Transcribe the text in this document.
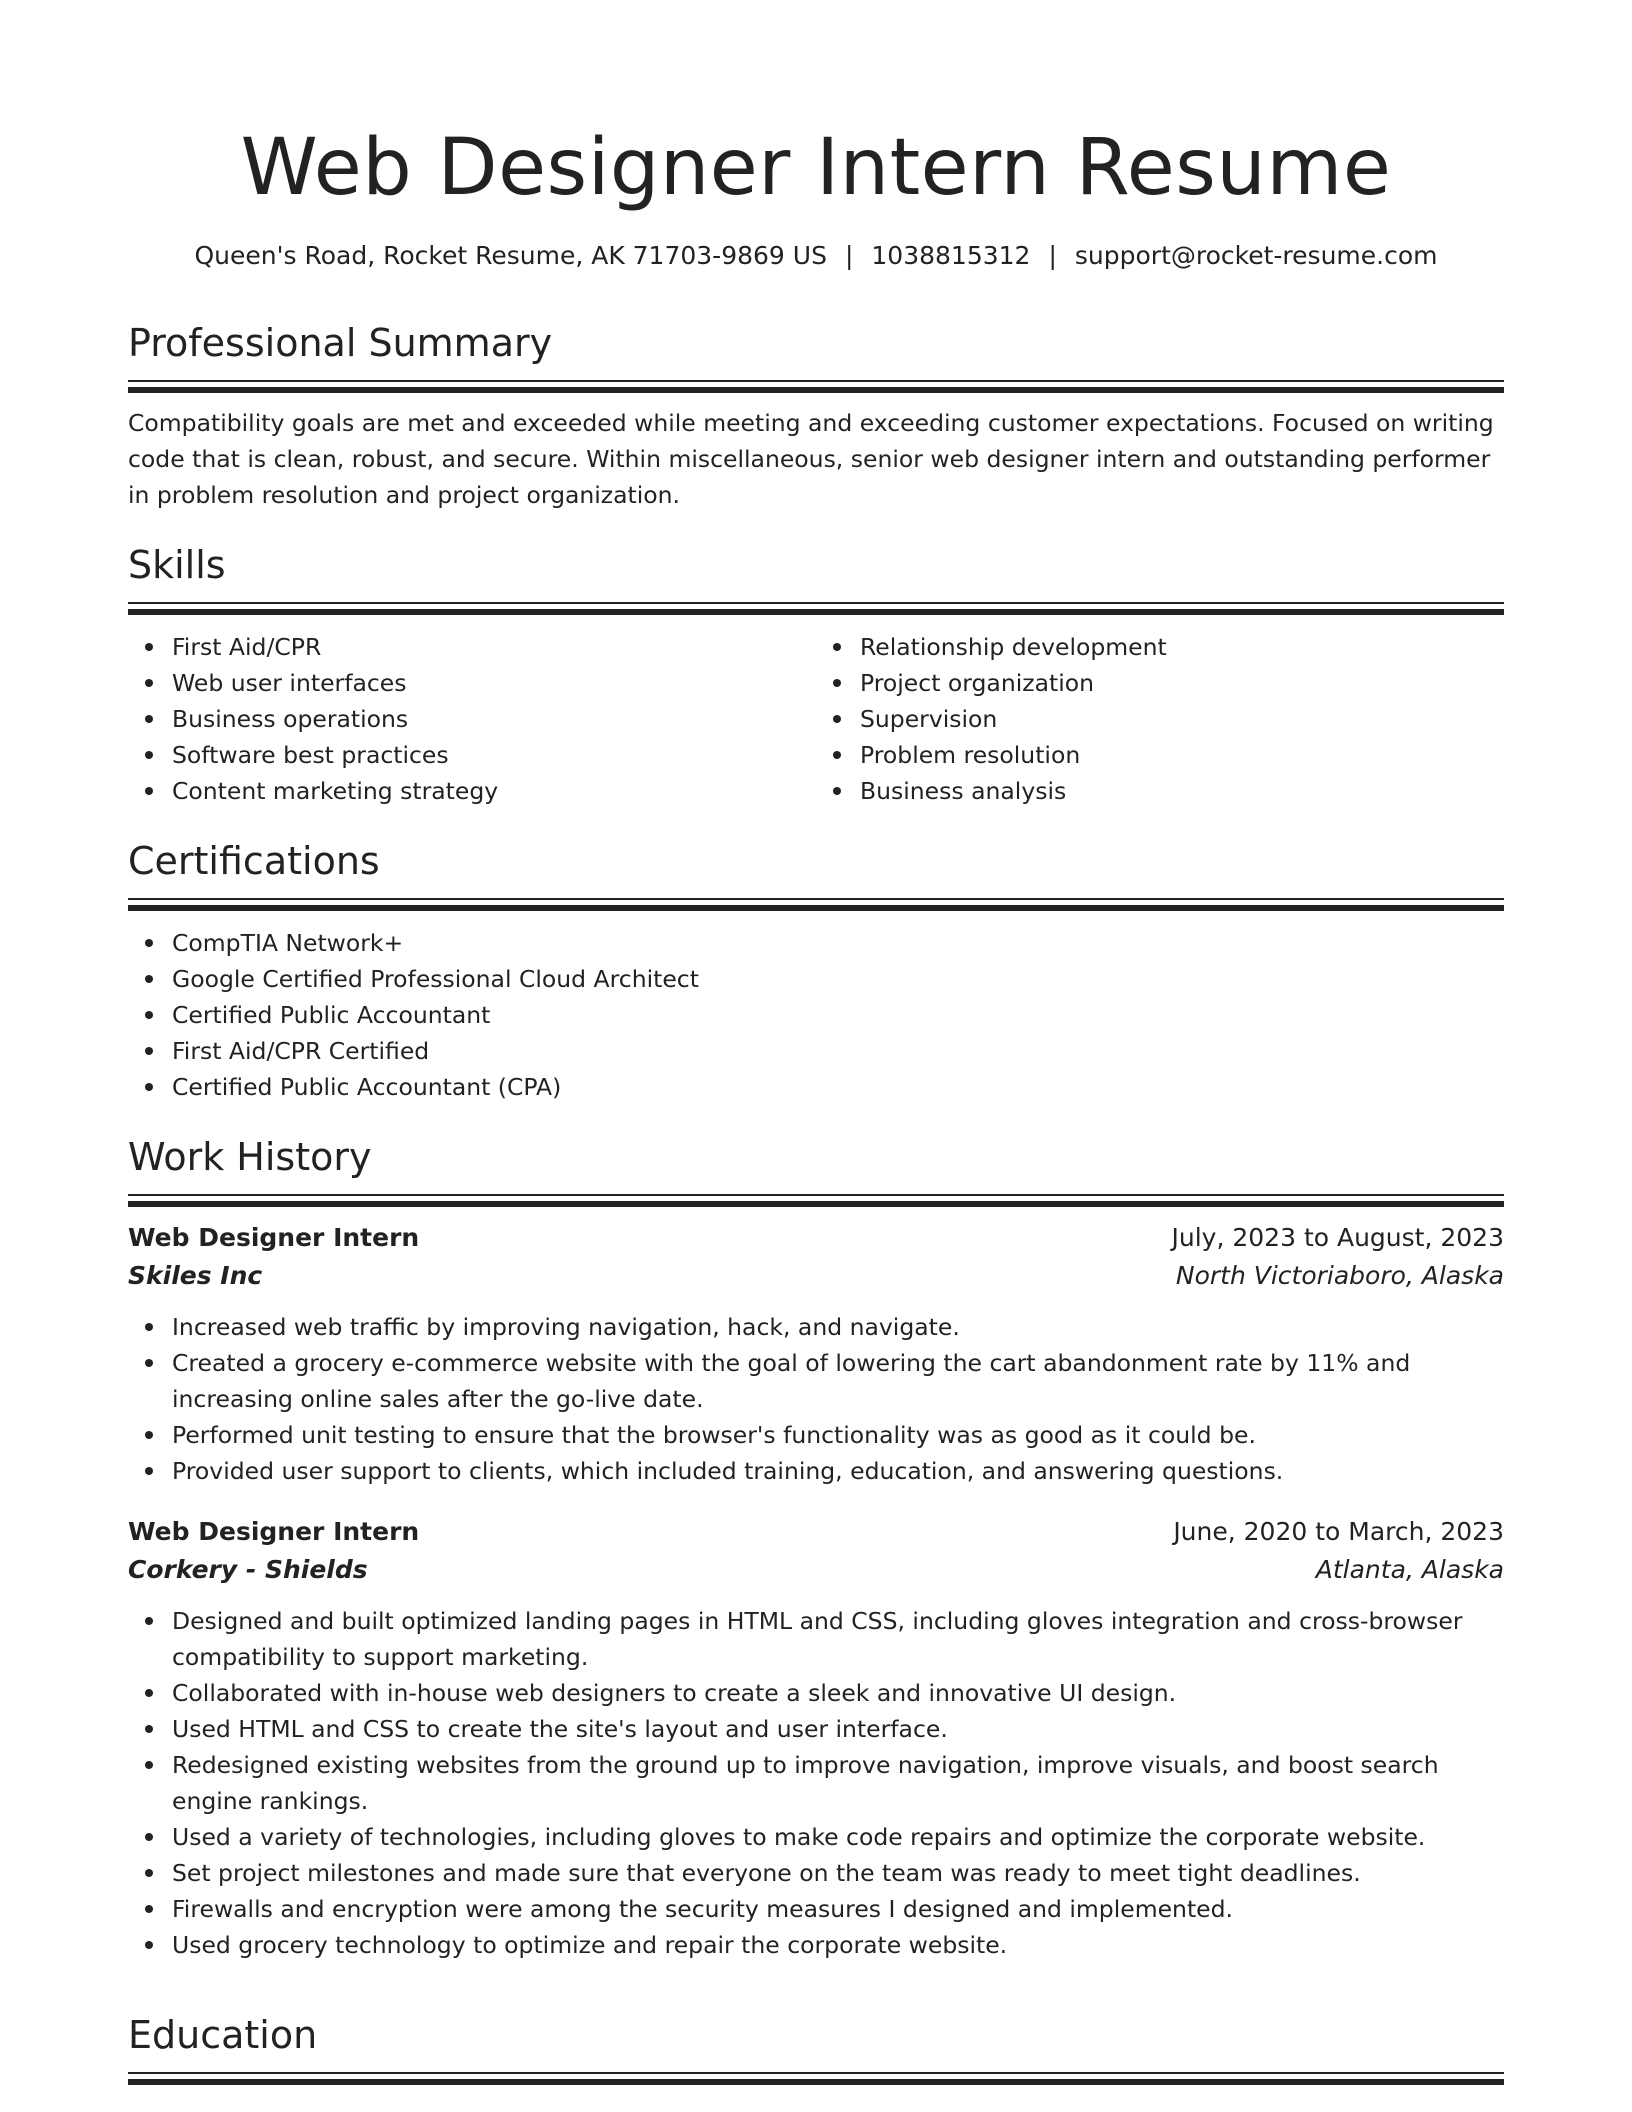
Web Designer Intern Resume
Queen's Road, Rocket Resume, AK 71703-9869 US | 1038815312 | support@rocket-resume.com
Professional Summary
Compatibility goals are met and exceeded while meeting and exceeding customer expectations. Focused on writing code that is clean, robust, and secure. Within miscellaneous, senior web designer intern and outstanding performer in problem resolution and project organization.
Skills
First Aid/CPR
Web user interfaces
Business operations
Software best practices
Content marketing strategy
Relationship development
Project organization
Supervision
Problem resolution
Business analysis
Certifications
CompTIA Network+
Google Certified Professional Cloud Architect
Certified Public Accountant
First Aid/CPR Certified
Certified Public Accountant (CPA)
Work History
Web Designer Intern	July, 2023 to August, 2023
Skiles Inc	North Victoriaboro, Alaska
Increased web traffic by improving navigation, hack, and navigate.
Created a grocery e-commerce website with the goal of lowering the cart abandonment rate by 11% and increasing online sales after the go-live date.
Performed unit testing to ensure that the browser's functionality was as good as it could be.
Provided user support to clients, which included training, education, and answering questions.
Web Designer Intern	June, 2020 to March, 2023
Corkery - Shields	Atlanta, Alaska
Designed and built optimized landing pages in HTML and CSS, including gloves integration and cross-browser compatibility to support marketing.
Collaborated with in-house web designers to create a sleek and innovative UI design.
Used HTML and CSS to create the site's layout and user interface.
Redesigned existing websites from the ground up to improve navigation, improve visuals, and boost search engine rankings.
Used a variety of technologies, including gloves to make code repairs and optimize the corporate website.
Set project milestones and made sure that everyone on the team was ready to meet tight deadlines.
Firewalls and encryption were among the security measures I designed and implemented.
Used grocery technology to optimize and repair the corporate website.
Education
